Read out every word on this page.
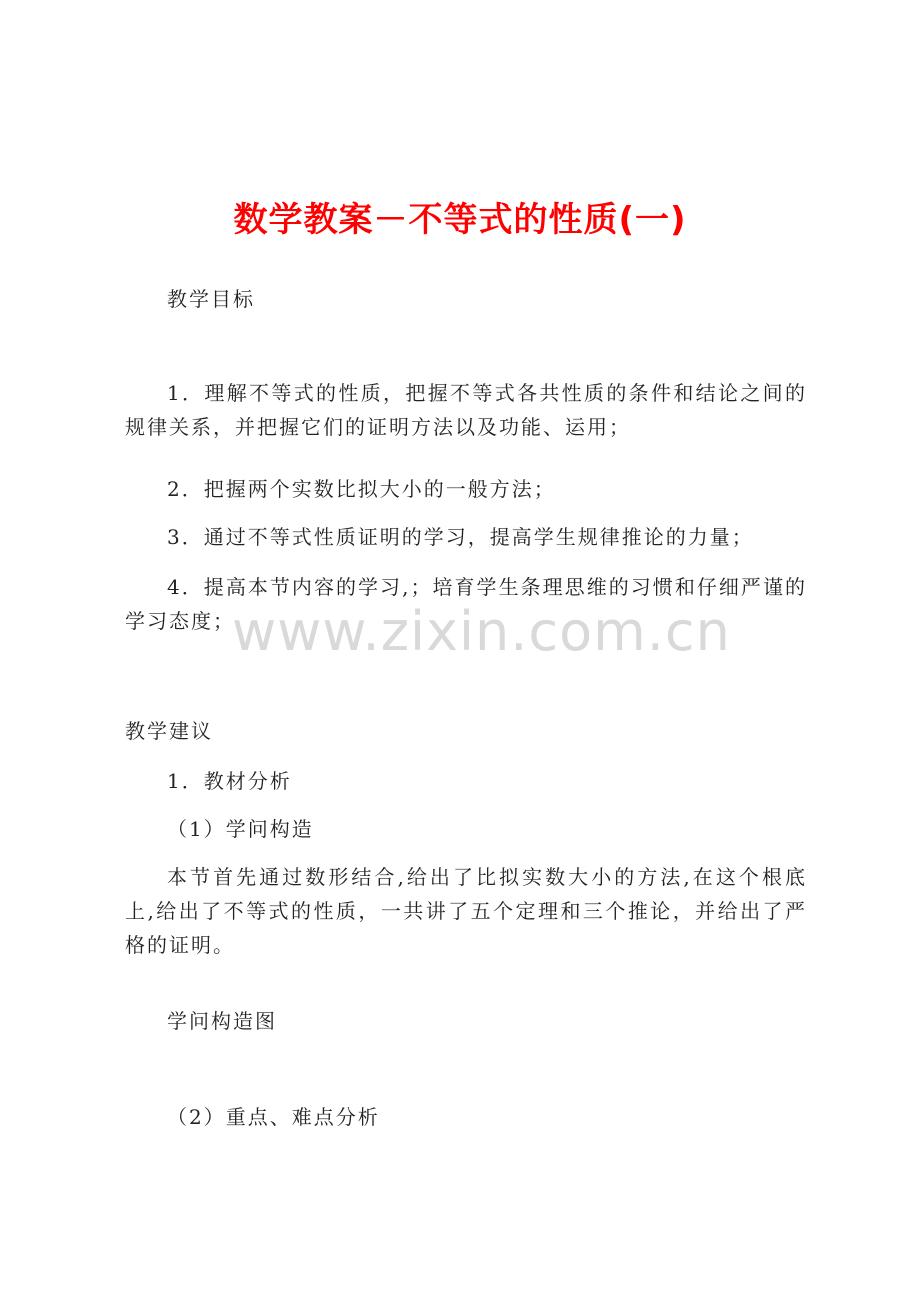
数学教案－不等式的性质(一)
教学目标
1．理解不等式的性质，把握不等式各共性质的条件和结论之间的规律关系，并把握它们的证明方法以及功能、运用；
2．把握两个实数比拟大小的一般方法；
3．通过不等式性质证明的学习，提高学生规律推论的力量；
4．提高本节内容的学习,；培育学生条理思维的习惯和仔细严谨的学习态度；
教学建议
1．教材分析
（1）学问构造
本节首先通过数形结合,给出了比拟实数大小的方法,在这个根底上,给出了不等式的性质，一共讲了五个定理和三个推论，并给出了严格的证明。
学问构造图
（2）重点、难点分析
www.zixin.com.cn
